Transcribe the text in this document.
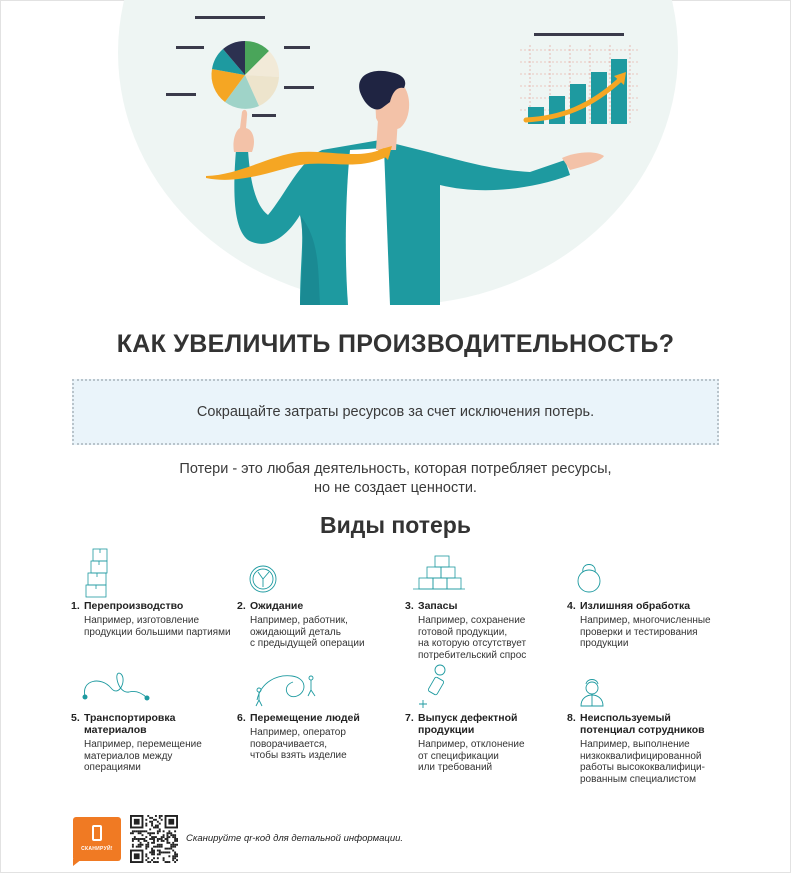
КАК УВЕЛИЧИТЬ ПРОИЗВОДИТЕЛЬНОСТЬ?
Сокращайте затраты ресурсов за счет исключения потерь.
Потери - это любая деятельность, которая потребляет ресурсы,
но не создает ценности.
Виды потерь
1. Перепроизводство
Например, изготовление
продукции большими партиями
2. Ожидание
Например, работник,
ожидающий деталь
с предыдущей операции
3. Запасы
Например, сохранение
готовой продукции,
на которую отсутствует
потребительский спрос
4. Излишняя обработка
Например, многочисленные
проверки и тестирования
продукции
5. Транспортировка
материалов
Например, перемещение
материалов между
операциями
6. Перемещение людей
Например, оператор
поворачивается,
чтобы взять изделие
7. Выпуск дефектной
продукции
Например, отклонение
от спецификации
или требований
8. Неиспользуемый
потенциал сотрудников
Например, выполнение
низкоквалифицированной
работы высококвалифици-
рованным специалистом
СКАНИРУЙ!
Сканируйте qr-код для детальной информации.
